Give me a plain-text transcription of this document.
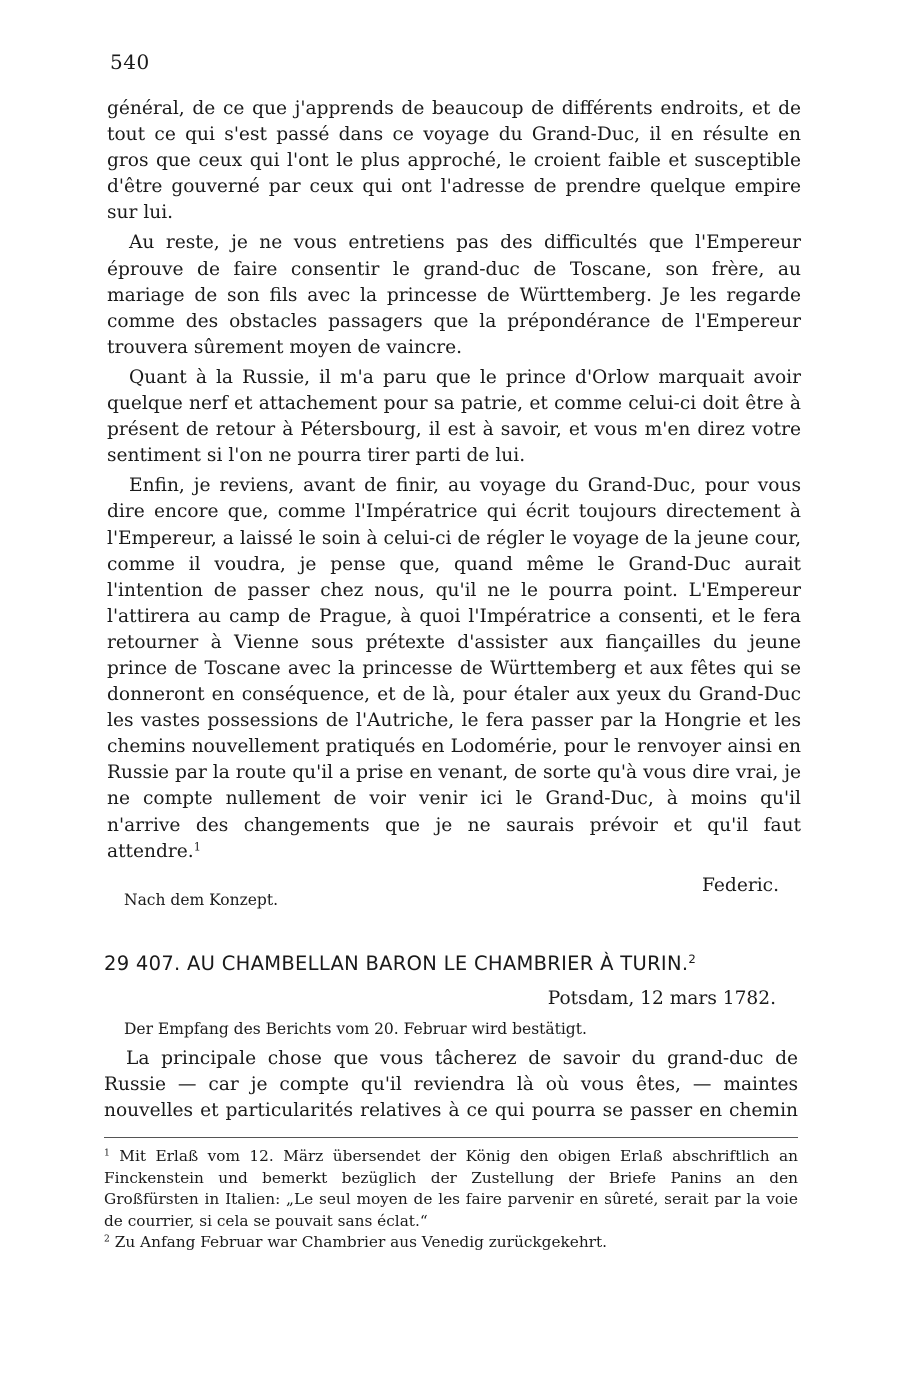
540

général, de ce que j'apprends de beaucoup de différents endroits, et de tout ce qui s'est passé dans ce voyage du Grand-Duc, il en résulte en gros que ceux qui l'ont le plus approché, le croient faible et susceptible d'être gouverné par ceux qui ont l'adresse de prendre quelque empire sur lui.

Au reste, je ne vous entretiens pas des difficultés que l'Empereur éprouve de faire consentir le grand-duc de Toscane, son frère, au mariage de son fils avec la princesse de Württemberg. Je les regarde comme des obstacles passagers que la prépondérance de l'Empereur trouvera sûrement moyen de vaincre.

Quant à la Russie, il m'a paru que le prince d'Orlow marquait avoir quelque nerf et attachement pour sa patrie, et comme celui-ci doit être à présent de retour à Pétersbourg, il est à savoir, et vous m'en direz votre sentiment si l'on ne pourra tirer parti de lui.

Enfin, je reviens, avant de finir, au voyage du Grand-Duc, pour vous dire encore que, comme l'Impératrice qui écrit toujours directement à l'Empereur, a laissé le soin à celui-ci de régler le voyage de la jeune cour, comme il voudra, je pense que, quand même le Grand-Duc aurait l'intention de passer chez nous, qu'il ne le pourra point. L'Empereur l'attirera au camp de Prague, à quoi l'Impératrice a consenti, et le fera retourner à Vienne sous prétexte d'assister aux fiançailles du jeune prince de Toscane avec la princesse de Württemberg et aux fêtes qui se donneront en conséquence, et de là, pour étaler aux yeux du Grand-Duc les vastes possessions de l'Autriche, le fera passer par la Hongrie et les chemins nouvellement pratiqués en Lodomérie, pour le renvoyer ainsi en Russie par la route qu'il a prise en venant, de sorte qu'à vous dire vrai, je ne compte nullement de voir venir ici le Grand-Duc, à moins qu'il n'arrive des changements que je ne saurais prévoir et qu'il faut attendre.$^1$

Federic.
Nach dem Konzept.
29 407. AU CHAMBELLAN BARON LE CHAMBRIER À TURIN.$^2$
Potsdam, 12 mars 1782.
Der Empfang des Berichts vom 20. Februar wird bestätigt.

La principale chose que vous tâcherez de savoir du grand-duc de Russie — car je compte qu'il reviendra là où vous êtes, — maintes nouvelles et particularités relatives à ce qui pourra se passer en chemin

$^1$ Mit Erlaß vom 12. März übersendet der König den obigen Erlaß abschriftlich an Finckenstein und bemerkt bezüglich der Zustellung der Briefe Panins an den Großfürsten in Italien: „Le seul moyen de les faire parvenir en sûreté, serait par la voie de courrier, si cela se pouvait sans éclat.“

$^2$ Zu Anfang Februar war Chambrier aus Venedig zurückgekehrt.
